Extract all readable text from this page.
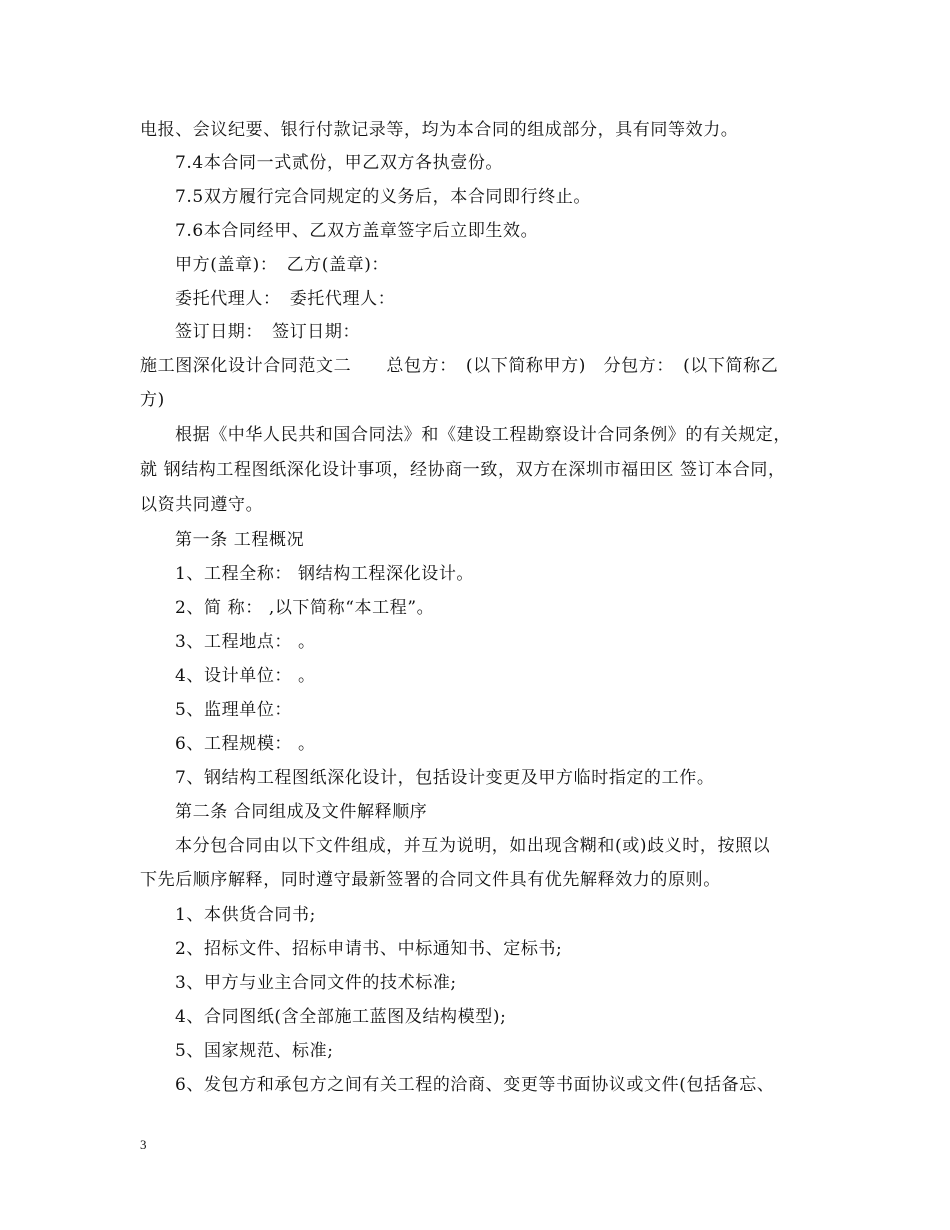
电报、会议纪要、银行付款记录等，均为本合同的组成部分，具有同等效力。
7.4本合同一式贰份，甲乙双方各执壹份。
7.5双方履行完合同规定的义务后，本合同即行终止。
7.6本合同经甲、乙双方盖章签字后立即生效。
甲方(盖章)：　乙方(盖章)：
委托代理人：　委托代理人：
签订日期：　签订日期：
施工图深化设计合同范文二　　总包方：　(以下简称甲方)　分包方：　(以下简称乙
方)
根据《中华人民共和国合同法》和《建设工程勘察设计合同条例》的有关规定，
就 钢结构工程图纸深化设计事项，经协商一致，双方在深圳市福田区 签订本合同，
以资共同遵守。
第一条 工程概况
1、工程全称： 钢结构工程深化设计。
2、简 称： ,以下简称“本工程”。
3、工程地点： 。
4、设计单位： 。
5、监理单位：
6、工程规模： 。
7、钢结构工程图纸深化设计，包括设计变更及甲方临时指定的工作。
第二条 合同组成及文件解释顺序
本分包合同由以下文件组成，并互为说明，如出现含糊和(或)歧义时，按照以
下先后顺序解释，同时遵守最新签署的合同文件具有优先解释效力的原则。
1、本供货合同书;
2、招标文件、招标申请书、中标通知书、定标书;
3、甲方与业主合同文件的技术标准;
4、合同图纸(含全部施工蓝图及结构模型);
5、国家规范、标准;
6、发包方和承包方之间有关工程的洽商、变更等书面协议或文件(包括备忘、
3
